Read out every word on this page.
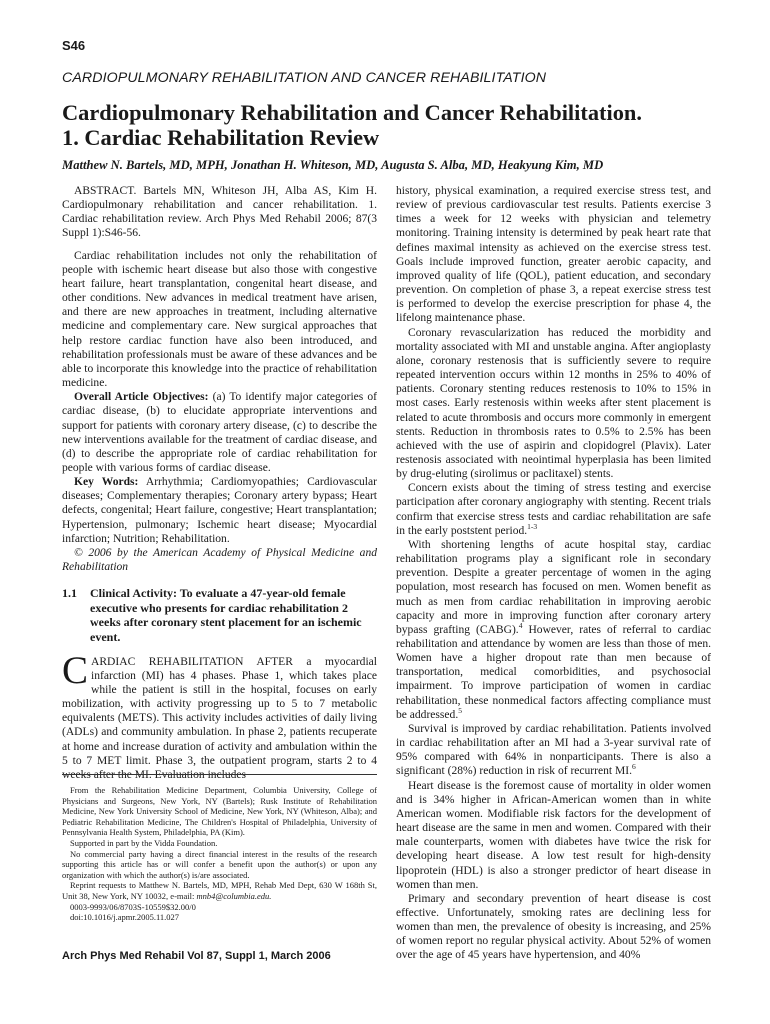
S46
CARDIOPULMONARY REHABILITATION AND CANCER REHABILITATION
Cardiopulmonary Rehabilitation and Cancer Rehabilitation.
1. Cardiac Rehabilitation Review
Matthew N. Bartels, MD, MPH, Jonathan H. Whiteson, MD, Augusta S. Alba, MD, Heakyung Kim, MD

ABSTRACT. Bartels MN, Whiteson JH, Alba AS, Kim H. Cardiopulmonary rehabilitation and cancer rehabilitation. 1. Cardiac rehabilitation review. Arch Phys Med Rehabil 2006; 87(3 Suppl 1):S46-56.

Cardiac rehabilitation includes not only the rehabilitation of people with ischemic heart disease but also those with congestive heart failure, heart transplantation, congenital heart disease, and other conditions. New advances in medical treatment have arisen, and there are new approaches in treatment, including alternative medicine and complementary care. New surgical approaches that help restore cardiac function have also been introduced, and rehabilitation professionals must be aware of these advances and be able to incorporate this knowledge into the practice of rehabilitation medicine.

Overall Article Objectives: (a) To identify major categories of cardiac disease, (b) to elucidate appropriate interventions and support for patients with coronary artery disease, (c) to describe the new interventions available for the treatment of cardiac disease, and (d) to describe the appropriate role of cardiac rehabilitation for people with various forms of cardiac disease.

Key Words: Arrhythmia; Cardiomyopathies; Cardiovascular diseases; Complementary therapies; Coronary artery bypass; Heart defects, congenital; Heart failure, congestive; Heart transplantation; Hypertension, pulmonary; Ischemic heart disease; Myocardial infarction; Nutrition; Rehabilitation.

© 2006 by the American Academy of Physical Medicine and Rehabilitation

1.1	Clinical Activity: To evaluate a 47-year-old female executive who presents for cardiac rehabilitation 2 weeks after coronary stent placement for an ischemic event.

CARDIAC REHABILITATION AFTER a myocardial infarction (MI) has 4 phases. Phase 1, which takes place while the patient is still in the hospital, focuses on early mobilization, with activity progressing up to 5 to 7 metabolic equivalents (METS). This activity includes activities of daily living (ADLs) and community ambulation. In phase 2, patients recuperate at home and increase duration of activity and ambulation within the 5 to 7 MET limit. Phase 3, the outpatient program, starts 2 to 4 weeks after the MI. Evaluation includes

history, physical examination, a required exercise stress test, and review of previous cardiovascular test results. Patients exercise 3 times a week for 12 weeks with physician and telemetry monitoring. Training intensity is determined by peak heart rate that defines maximal intensity as achieved on the exercise stress test. Goals include improved function, greater aerobic capacity, and improved quality of life (QOL), patient education, and secondary prevention. On completion of phase 3, a repeat exercise stress test is performed to develop the exercise prescription for phase 4, the lifelong maintenance phase.

Coronary revascularization has reduced the morbidity and mortality associated with MI and unstable angina. After angioplasty alone, coronary restenosis that is sufficiently severe to require repeated intervention occurs within 12 months in 25% to 40% of patients. Coronary stenting reduces restenosis to 10% to 15% in most cases. Early restenosis within weeks after stent placement is related to acute thrombosis and occurs more commonly in emergent stents. Reduction in thrombosis rates to 0.5% to 2.5% has been achieved with the use of aspirin and clopidogrel (Plavix). Later restenosis associated with neointimal hyperplasia has been limited by drug-eluting (sirolimus or paclitaxel) stents.

Concern exists about the timing of stress testing and exercise participation after coronary angiography with stenting. Recent trials confirm that exercise stress tests and cardiac rehabilitation are safe in the early poststent period.$^{1-3}$

With shortening lengths of acute hospital stay, cardiac rehabilitation programs play a significant role in secondary prevention. Despite a greater percentage of women in the aging population, most research has focused on men. Women benefit as much as men from cardiac rehabilitation in improving aerobic capacity and more in improving function after coronary artery bypass grafting (CABG).$^4$ However, rates of referral to cardiac rehabilitation and attendance by women are less than those of men. Women have a higher dropout rate than men because of transportation, medical comorbidities, and psychosocial impairment. To improve participation of women in cardiac rehabilitation, these nonmedical factors affecting compliance must be addressed.$^5$

Survival is improved by cardiac rehabilitation. Patients involved in cardiac rehabilitation after an MI had a 3-year survival rate of 95% compared with 64% in nonparticipants. There is also a significant (28%) reduction in risk of recurrent MI.$^6$

Heart disease is the foremost cause of mortality in older women and is 34% higher in African-American women than in white American women. Modifiable risk factors for the development of heart disease are the same in men and women. Compared with their male counterparts, women with diabetes have twice the risk for developing heart disease. A low test result for high-density lipoprotein (HDL) is also a stronger predictor of heart disease in women than men.

Primary and secondary prevention of heart disease is cost effective. Unfortunately, smoking rates are declining less for women than men, the prevalence of obesity is increasing, and 25% of women report no regular physical activity. About 52% of women over the age of 45 years have hypertension, and 40%

From the Rehabilitation Medicine Department, Columbia University, College of Physicians and Surgeons, New York, NY (Bartels); Rusk Institute of Rehabilitation Medicine, New York University School of Medicine, New York, NY (Whiteson, Alba); and Pediatric Rehabilitation Medicine, The Children's Hospital of Philadelphia, University of Pennsylvania Health System, Philadelphia, PA (Kim).

Supported in part by the Vidda Foundation.

No commercial party having a direct financial interest in the results of the research supporting this article has or will confer a benefit upon the author(s) or upon any organization with which the author(s) is/are associated.

Reprint requests to Matthew N. Bartels, MD, MPH, Rehab Med Dept, 630 W 168th St, Unit 38, New York, NY 10032, e-mail: mnb4@columbia.edu.

0003-9993/06/8703S-10559$32.00/0

doi:10.1016/j.apmr.2005.11.027

Arch Phys Med Rehabil Vol 87, Suppl 1, March 2006
